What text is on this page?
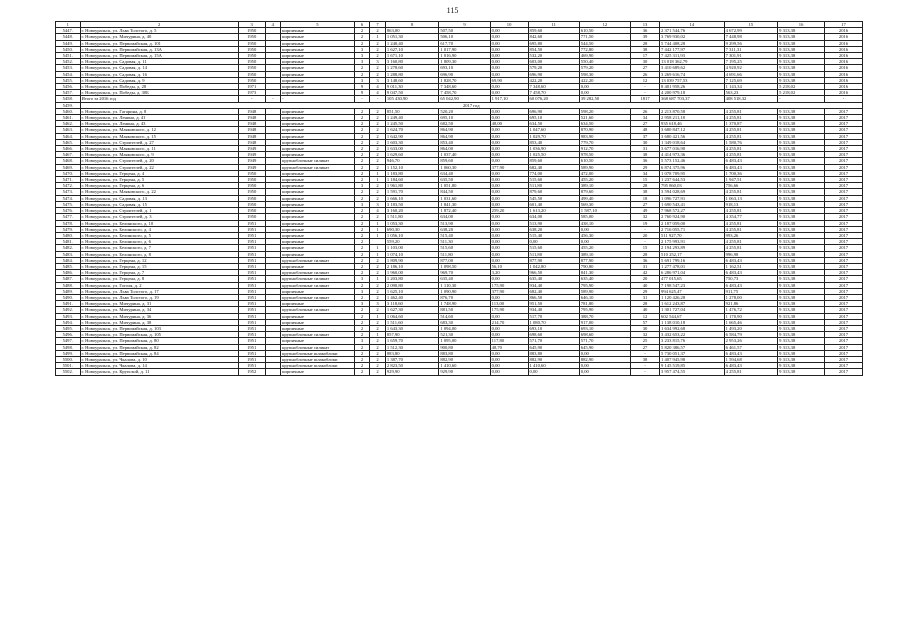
115
1	2	3	4	5	6	7	8	9	10	11	12	13	14	15	16	17
5447.	г. Новоуральск, ул. Льва Толстого, д. 5	1950		кирпичные	2	2	863,00	507,50	0,00	859,60	610,50	36	2 371 544,76	4 672,99	9 313,38	2016
5448.	г. Новоуральск, ул. Мичурина, д. 40	1950		кирпичные	2	1	1 051,30	506,10	0,00	842,60	771,50	39	3 769 930,02	7 448,98	9 313,38	2016
5449.	г. Новоуральск, ул. Первомайская, д. 101	1950		кирпичные	2	2	1 240,40	617,70	0,00	695,80	544,50	28	5 744 408,28	9 299,56	9 313,38	2016
5450.	г. Новоуральск, ул. Первомайская, д. 13А	1950		кирпичные	3	2	1 627,10	1 017,90	0,00	854,50	772,80	38	7 442 177,97	7 311,31	9 313,38	2016
5451.	г. Новоуральск, ул. Первомайская, д. 15А	1950		кирпичные	3	2	1 671,10	1 016,90	0,00	532,20	469,90	17	7 425 311,93	7 301,91	9 313,38	2016
5452.	г. Новоуральск, ул. Садовая, д. 11	1950		кирпичные	3	3	3 160,80	1 809,30	0,00	603,00	550,40	30	13 018 362,79	7 195,25	9 313,38	2016
5453.	г. Новоуральск, ул. Садовая, д. 14	1950		кирпичные	2	2	1 278,60	693,10	0,00	579,20	579,20	27	3 410 689,62	4 920,92	9 313,38	2016
5454.	г. Новоуральск, ул. Садовая, д. 16	1950		кирпичные	2	2	1 288,80	696,90	0,00	696,90	598,30	26	3 269 616,74	4 691,66	9 313,38	2016
5455.	г. Новоуральск, ул. Садовая, д. 9	1950		кирпичные	3	3	3 148,60	1 828,70	69,90	422,20	422,20	12	13 039 757,53	7 125,69	9 313,38	2016
5456.	г. Новоуральск, ул. Победы, д. 28	1971		кирпичные	9	4	9 011,30	7 348,60	0,00	7 348,60	0,00	-	8 401 958,26	1 143,34	5 218,02	2016
5457.	г. Новоуральск, ул. Победы, д. 30Б	1973		кирпичные	9	4	9 047,50	7 458,70	0,00	7 458,70	0,00	-	4 200 979,18	563,23	5 218,02	2016
5458.	Итого за 2016 год	-	-	-	-	-	105 430,90	65 042,90	1 917,10	60 076,20	39 282,50	1817	368 687 703,37	408 518,32	-	-
5459.	2017 год															
5460.	г. Новоуральск, ул. Гагарина, д. 8	1948		кирпичные	2	2	851,50	520,20	0,00	696,90	598,20	26	2 213 870,58	4 255,81	9 313,38	2017
5461.	г. Новоуральск, ул. Ленина, д. 41	1948		кирпичные	2	2	1 249,40	695,10	0,00	695,10	521,60	34	2 958 211,18	4 255,81	9 313,38	2017
5462.	г. Новоуральск, ул. Ленина, д. 43	1948		кирпичные	2	2	1 245,50	682,50	48,00	634,50	634,50	27	935 618,46	1 370,87	9 313,38	2017
5463.	г. Новоуральск, ул. Маяковского, д. 12	1948		кирпичные	2	2	1 624,70	864,90	0,00	1 047,60	870,90	48	3 680 847,12	4 255,81	9 313,38	2017
5464.	г. Новоуральск, ул. Маяковского, д. 15	1948		кирпичные	2	2	1 642,90	864,90	0,00	1 029,70	983,90	37	3 680 421,56	4 255,81	9 313,38	2017
5465.	г. Новоуральск, ул. Строителей, д. 27	1948		кирпичные	2	2	1 603,30	853,40	0,00	853,40	779,70	30	1 349 018,64	1 580,76	9 313,38	2017
5466.	г. Новоуральск, ул. Маяковского, д. 11	1949		кирпичные	2	2	1 633,00	864,00	0,00	1 036,90	912,70	31	3 677 016,90	4 255,81	9 313,38	2017
5467.	г. Новоуральск, ул. Маяковского, д. 9	1949		кирпичные	2	2	1 629,60	1 037,40	0,00	1 025,50	978,50	38	4 414 973,36	4 255,81	9 313,38	2017
5468.	г. Новоуральск, ул. Строителей, д. 20	1949		крупноблочные силикат	2	2	946,70	859,60	0,00	859,60	610,50	36	5 573 152,46	6 483,43	9 313,38	2017
5469.	г. Новоуральск, ул. Строителей, д. 22	1949		крупноблочные силикат	2	2	1 152,10	1 060,30	377,90	682,40	589,90	29	6 874 375,96	6 483,43	9 313,38	2017
5470.	г. Новоуральск, ул. Герцена, д. 4	1950		кирпичные	2	1	1 183,80	634,40	0,00	774,00	472,00	34	1 078 709,95	1 700,36	9 313,38	2017
5471.	г. Новоуральск, ул. Герцена, д. 5	1950		кирпичные	2	1	1 184,60	635,50	0,00	515,60	455,20	15	1 237 644,53	1 947,51	9 313,38	2017
5472.	г. Новоуральск, ул. Герцена, д. 6	1950		кирпичные	3	2	1 961,80	1 051,80	0,00	511,80	389,10	28	795 860,03	756,66	9 313,38	2017
5473.	г. Новоуральск, ул. Маяковского, д. 22	1950		кирпичные	2	2	1 591,70	844,50	0,00	879,60	879,60	38	3 594 028,69	4 255,81	9 313,38	2017
5474.	г. Новоуральск, ул. Садовая, д. 13	1950		кирпичные	2	2	1 666,10	1 031,60	0,00	545,50	499,40	18	1 096 727,91	1 063,13	9 313,38	2017
5475.	г. Новоуральск, ул. Садовая, д. 15	1950		кирпичные	3	3	3 183,50	1 841,30	0,00	601,40	569,30	27	1 690 543,41	918,13	9 313,38	2017
5476.	г. Новоуральск, ул. Строителей, д. 1	1950		кирпичные	2	4	3 160,20	1 872,40	259,20	1 613,20	1 587,10	49	7 968 572,27	4 255,81	9 313,38	2017
5477.	г. Новоуральск, ул. Строителей, д. 3	1950		кирпичные	2	2	1 511,80	634,00	0,00	634,00	585,00	32	2 760 924,90	4 354,77	9 313,38	2017
5478.	г. Новоуральск, ул. Белинского, д. 10	1951		кирпичные	2	1	1 053,30	513,90	0,00	513,90	438,10	19	2 187 059,00	4 255,81	9 313,38	2017
5479.	г. Новоуральск, ул. Белинского, д. 4	1951		кирпичные	2	1	690,30	638,20	0,00	638,20	0,00	-	2 716 055,71	4 255,81	9 313,38	2017
5480.	г. Новоуральск, ул. Белинского, д. 5	1951		кирпичные	2	1	1 056,10	515,40	0,00	515,40	456,30	20	511 927,70	993,26	9 313,38	2017
5481.	г. Новоуральск, ул. Белинского, д. 6	1951		кирпичные	2		559,20	511,30	0,00	0,00	0,00	-	2 175 993,91	4 255,81	9 313,38	2017
5482.	г. Новоуральск, ул. Белинского, д. 7	1951		кирпичные	2	1	1 103,00	515,60	0,00	515,60	455,20	15	2 194 293,89	4 255,81	9 313,38	2017
5483.	г. Новоуральск, ул. Белинского, д. 8	1951		кирпичные	2	1	1 074,10	511,80	0,00	511,80	389,10	28	510 252,17	996,98	9 313,38	2017
5484.	г. Новоуральск, ул. Герцена, д. 12	1951		крупноблочные силикат	2	2	1 809,90	877,00	0,00	877,90	877,90	36	5 691 799,16	6 483,43	9 313,38	2017
5485.	г. Новоуральск, ул. Герцена, д. 15	1951		кирпичные	2	2	2 186,10	1 098,50	56,10	1 042,80	790,80	31	1 277 478,01	1 162,51	9 313,38	2017
5486.	г. Новоуральск, ул. Герцена, д. 7	1951		крупноблочные силикат	2	2	1 960,00	969,70	3,20	966,50	841,30	42	6 286 971,04	6 483,43	9 313,38	2017
5487.	г. Новоуральск, ул. Герцена, д. 8	1951		крупноблочные силикат	3	1	1 203,80	635,40	0,00	635,40	635,40	20	477 015,65	750,73	9 313,38	2017
5488.	г. Новоуральск, ул. Гоголя, д. 2	1951		крупноблочные силикат	2	2	2 090,80	1 110,30	175,90	934,40	795,90	40	7 198 547,23	6 483,43	9 313,38	2017
5489.	г. Новоуральск, ул. Льва Толстого, д. 17	1951		кирпичные	3	2	1 625,10	1 090,90	377,90	682,40	589,90	29	994 625,47	911,75	9 313,38	2017
5490.	г. Новоуральск, ул. Льва Толстого, д. 19	1951		крупноблочные силикат	2	2	1 462,40	876,70	0,00	866,50	646,10	31	1 120 426,28	1 278,00	9 313,38	2017
5491.	г. Новоуральск, ул. Мичурина, д. 31	1951		кирпичные	3	3	3 118,60	1 748,90	113,00	951,50	781,80	28	1 612 243,87	921,86	9 313,38	2017
5492.	г. Новоуральск, ул. Мичурина, д. 34	1951		крупноблочные силикат	2	2	1 627,30	881,50	175,90	934,40	795,90	40	1 301 727,04	1 476,72	9 313,38	2017
5493.	г. Новоуральск, ул. Мичурина, д. 36	1951		кирпичные	2	1	1 064,60	514,60	0,00	517,70	388,70	12	602 544,67	1 170,90	9 313,38	2017
5494.	г. Новоуральск, ул. Мичурина, д. 38	1951		кирпичные	2	2	1 511,60	683,30	214,70	1 080,70	917,00	57	1 138 010,18	1 665,46	9 313,38	2017
5495.	г. Новоуральск, ул. Первомайская, д. 103	1951		кирпичные	2	2	1 643,30	1 094,00	0,00	693,10	693,10	30	1 634 992,68	1 493,20	9 313,38	2017
5496.	г. Новоуральск, ул. Первомайская, д. 105	1951		крупноблочные силикат	2	1	857,90	521,30	0,00	698,60	698,60	32	3 432 653,22	6 584,79	9 313,38	2017
5497.	г. Новоуральск, ул. Первомайская, д. 80	1951		кирпичные	3	2	1 659,70	1 095,00	117,80	571,70	571,70	25	3 233 815,76	2 953,26	9 313,38	2017
5498.	г. Новоуральск, ул. Первомайская, д. 82	1951		крупноблочные силикат	2	2	1 512,30	900,80	48,70	645,90	645,90	27	5 820 386,57	6 461,57	9 313,38	2017
5499.	г. Новоуральск, ул. Первомайская, д. 84	1951		крупноблочные шлакоблоки	2	2	883,80	883,80	0,00	883,80	0,00	-	5 730 051,37	6 483,43	9 313,38	2017
5500.	г. Новоуральск, ул. Чкалова, д. 10	1951		крупноблочные шлакоблоки	2	2	1 387,70	882,90	0,00	882,90	882,90	38	1 407 945,98	1 594,68	9 313,38	2017
5501.	г. Новоуральск, ул. Чкалова, д. 14	1951		крупноблочные шлакоблоки	2	2	2 823,50	1 410,60	0,00	1 410,60	0,00	-	9 145 519,85	6 483,43	9 313,38	2017
5502.	г. Новоуральск, ул. Крупской, д. 11	1952		кирпичные	2	2	929,90	929,90	0,00	0,00	0,00	-	3 957 474,55	4 255,81	9 313,38	2017
